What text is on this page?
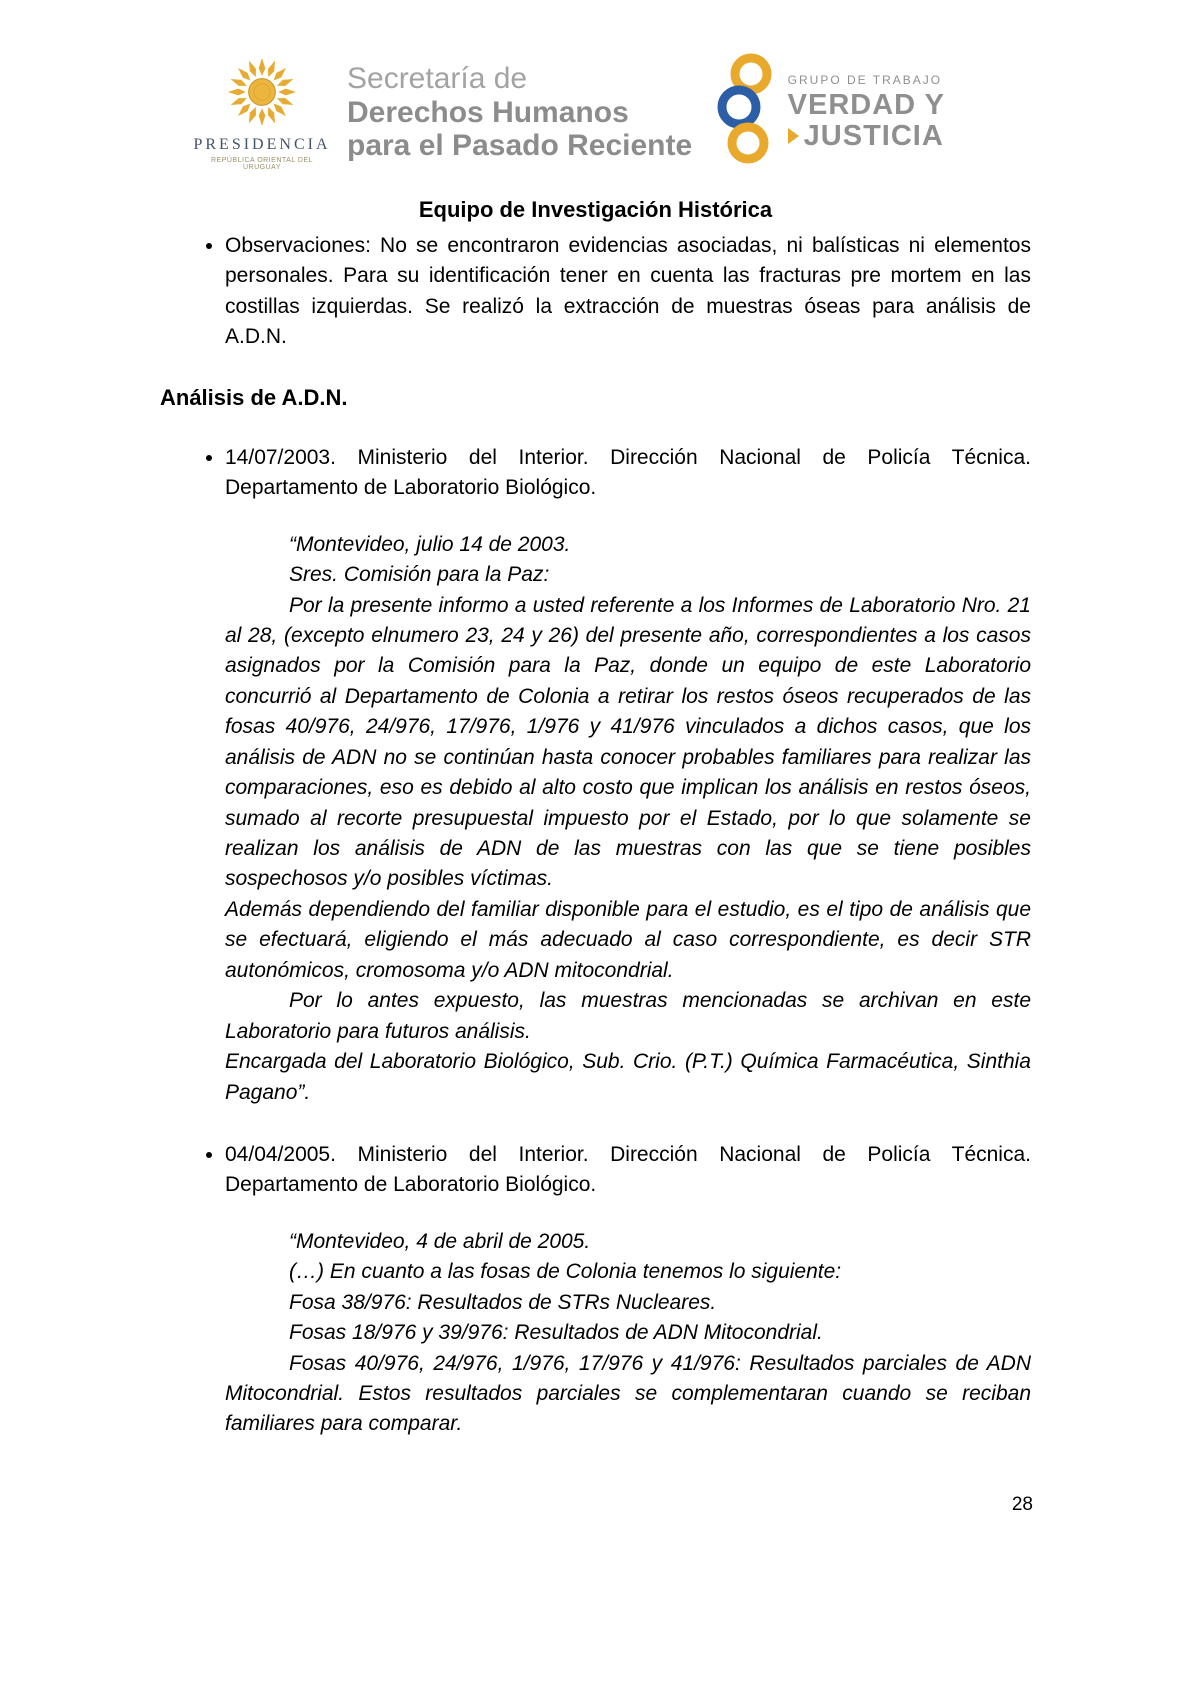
PRESIDENCIA
REPÚBLICA ORIENTAL DEL URUGUAY
Secretaría de
Derechos Humanos
para el Pasado Reciente
GRUPO DE TRABAJO
VERDAD Y
JUSTICIA
Equipo de Investigación Histórica
• Observaciones: No se encontraron evidencias asociadas, ni balísticas ni elementos personales. Para su identificación tener en cuenta las fracturas pre mortem en las costillas izquierdas. Se realizó la extracción de muestras óseas para análisis de A.D.N.
Análisis de A.D.N.
• 14/07/2003. Ministerio del Interior. Dirección Nacional de Policía Técnica. Departamento de Laboratorio Biológico.

“Montevideo, julio 14 de 2003.

Sres. Comisión para la Paz:

Por la presente informo a usted referente a los Informes de Laboratorio Nro. 21 al 28, (excepto elnumero 23, 24 y 26) del presente año, correspondientes a los casos asignados por la Comisión para la Paz, donde un equipo de este Laboratorio concurrió al Departamento de Colonia a retirar los restos óseos recuperados de las fosas 40/976, 24/976, 17/976, 1/976 y 41/976 vinculados a dichos casos, que los análisis de ADN no se continúan hasta conocer probables familiares para realizar las comparaciones, eso es debido al alto costo que implican los análisis en restos óseos, sumado al recorte presupuestal impuesto por el Estado, por lo que solamente se realizan los análisis de ADN de las muestras con las que se tiene posibles sospechosos y/o posibles víctimas.

Además dependiendo del familiar disponible para el estudio, es el tipo de análisis que se efectuará, eligiendo el más adecuado al caso correspondiente, es decir STR autonómicos, cromosoma y/o ADN mitocondrial.

Por lo antes expuesto, las muestras mencionadas se archivan en este Laboratorio para futuros análisis.

Encargada del Laboratorio Biológico, Sub. Crio. (P.T.) Química Farmacéutica, Sinthia Pagano”.

• 04/04/2005. Ministerio del Interior. Dirección Nacional de Policía Técnica. Departamento de Laboratorio Biológico.

“Montevideo, 4 de abril de 2005.

(…) En cuanto a las fosas de Colonia tenemos lo siguiente:

Fosa 38/976: Resultados de STRs Nucleares.

Fosas 18/976 y 39/976: Resultados de ADN Mitocondrial.

Fosas 40/976, 24/976, 1/976, 17/976 y 41/976: Resultados parciales de ADN Mitocondrial. Estos resultados parciales se complementaran cuando se reciban familiares para comparar.

28
